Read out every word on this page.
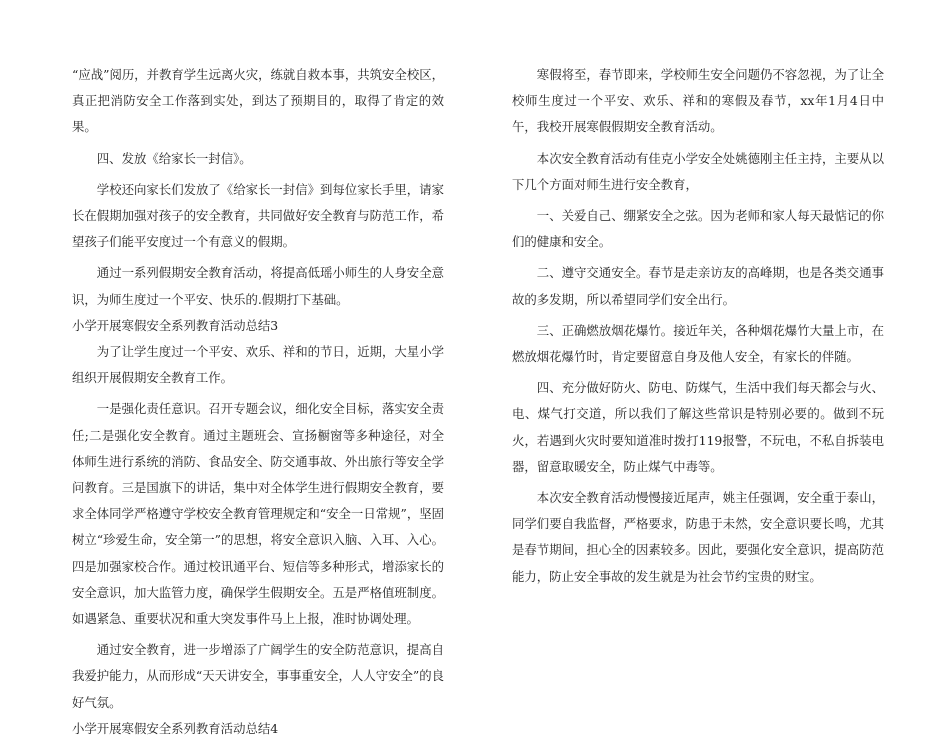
“应战”阅历，并教育学生远离火灾，练就自救本事，共筑安全校区，真正把消防安全工作落到实处，到达了预期目的，取得了肯定的效果。

四、发放《给家长一封信》。

学校还向家长们发放了《给家长一封信》到每位家长手里，请家长在假期加强对孩子的安全教育，共同做好安全教育与防范工作，希望孩子们能平安度过一个有意义的假期。

通过一系列假期安全教育活动，将提高低瑶小师生的人身安全意识，为师生度过一个平安、快乐的.假期打下基础。

小学开展寒假安全系列教育活动总结3

为了让学生度过一个平安、欢乐、祥和的节日，近期，大星小学组织开展假期安全教育工作。

一是强化责任意识。召开专题会议，细化安全目标，落实安全责任;二是强化安全教育。通过主题班会、宣扬橱窗等多种途径，对全体师生进行系统的消防、食品安全、防交通事故、外出旅行等安全学问教育。三是国旗下的讲话，集中对全体学生进行假期安全教育，要求全体同学严格遵守学校安全教育管理规定和“安全一日常规”，坚固树立“珍爱生命，安全第一”的思想，将安全意识入脑、入耳、入心。四是加强家校合作。通过校讯通平台、短信等多种形式，增添家长的安全意识，加大监管力度，确保学生假期安全。五是严格值班制度。如遇紧急、重要状况和重大突发事件马上上报，准时协调处理。

通过安全教育，进一步增添了广阔学生的安全防范意识，提高自我爱护能力，从而形成“天天讲安全，事事重安全，人人守安全”的良好气氛。

小学开展寒假安全系列教育活动总结4

寒假将至，春节即来，学校师生安全问题仍不容忽视，为了让全校师生度过一个平安、欢乐、祥和的寒假及春节，xx年1月4日中午，我校开展寒假假期安全教育活动。

本次安全教育活动有佳克小学安全处姚德刚主任主持，主要从以下几个方面对师生进行安全教育，

一、关爱自己、绷紧安全之弦。因为老师和家人每天最惦记的你们的健康和安全。

二、遵守交通安全。春节是走亲访友的高峰期，也是各类交通事故的多发期，所以希望同学们安全出行。

三、正确燃放烟花爆竹。接近年关，各种烟花爆竹大量上市，在燃放烟花爆竹时，肯定要留意自身及他人安全，有家长的伴随。

四、充分做好防火、防电、防煤气，生活中我们每天都会与火、电、煤气打交道，所以我们了解这些常识是特别必要的。做到不玩火，若遇到火灾时要知道准时拨打119报警，不玩电，不私自拆装电器，留意取暖安全，防止煤气中毒等。

本次安全教育活动慢慢接近尾声，姚主任强调，安全重于泰山，同学们要自我监督，严格要求，防患于未然，安全意识要长鸣，尤其是春节期间，担心全的因素较多。因此，要强化安全意识，提高防范能力，防止安全事故的发生就是为社会节约宝贵的财宝。
